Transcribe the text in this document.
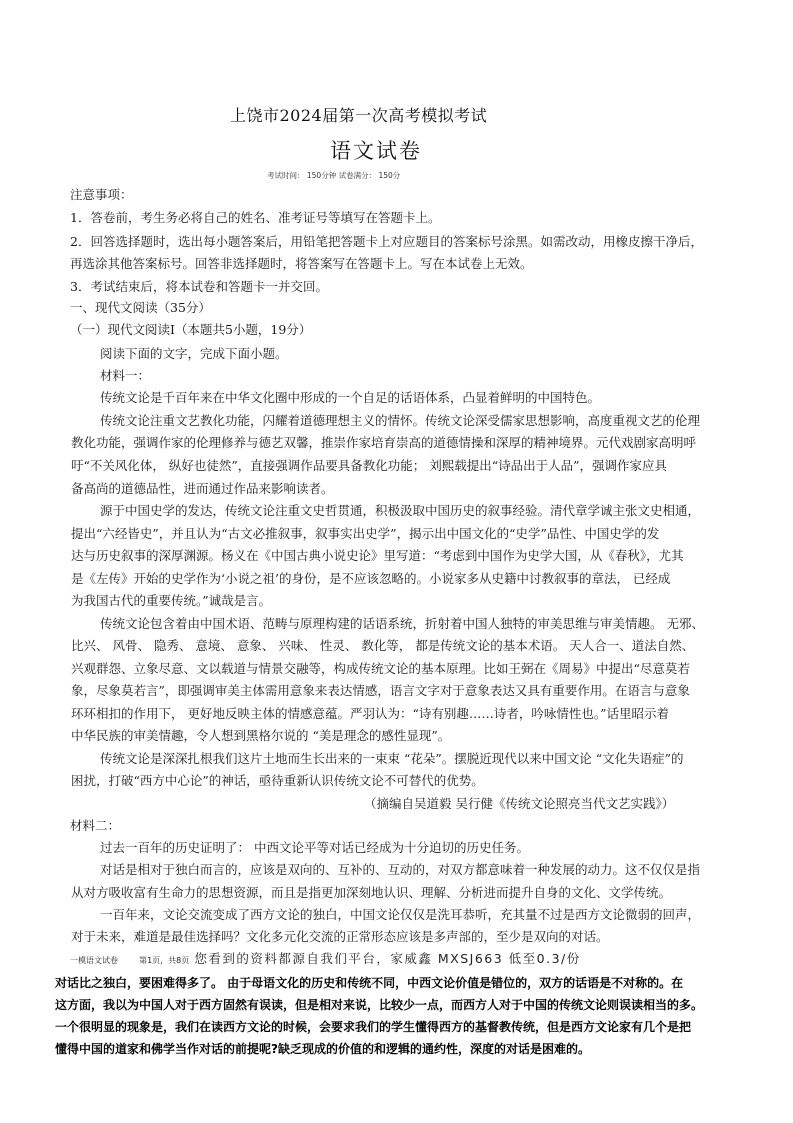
上饶市2024届第一次高考模拟考试
语文试卷
考试时间： 150分钟 试卷满分： 150分
注意事项：
1．答卷前，考生务必将自己的姓名、准考证号等填写在答题卡上。
2．回答选择题时，选出每小题答案后，用铅笔把答题卡上对应题目的答案标号涂黑。如需改动，用橡皮擦干净后，
再选涂其他答案标号。回答非选择题时，将答案写在答题卡上。写在本试卷上无效。
3．考试结束后，将本试卷和答题卡一并交回。
一、现代文阅读（35分）
（一）现代文阅读Ⅰ（本题共5小题，19分）
阅读下面的文字，完成下面小题。
材料一：
传统文论是千百年来在中华文化圈中形成的一个自足的话语体系，凸显着鲜明的中国特色。
传统文论注重文艺教化功能，闪耀着道德理想主义的情怀。传统文论深受儒家思想影响，高度重视文艺的伦理
教化功能，强调作家的伦理修养与德艺双馨，推崇作家培育崇高的道德情操和深厚的精神境界。元代戏剧家高明呼
吁“不关风化体， 纵好也徒然”，直接强调作品要具备教化功能； 刘熙载提出“诗品出于人品”，强调作家应具
备高尚的道德品性，进而通过作品来影响读者。
源于中国史学的发达，传统文论注重文史哲贯通，积极汲取中国历史的叙事经验。清代章学诚主张文史相通，
提出“六经皆史”，并且认为“古文必推叙事，叙事实出史学”，揭示出中国文化的“史学”品性、中国史学的发
达与历史叙事的深厚渊源。杨义在《中国古典小说史论》里写道：“考虑到中国作为史学大国，从《春秋》，尤其
是《左传》开始的史学作为‘小说之祖’的身份，是不应该忽略的。小说家多从史籍中讨教叙事的章法， 已经成
为我国古代的重要传统。”诚哉是言。
传统文论包含着由中国术语、范畴与原理构建的话语系统，折射着中国人独特的审美思维与审美情趣。 无邪、
比兴、 风骨、 隐秀、 意境、 意象、 兴味、 性灵、 教化等， 都是传统文论的基本术语。 天人合一、道法自然、
兴观群怨、立象尽意、文以载道与情景交融等，构成传统文论的基本原理。比如王弼在《周易》中提出“尽意莫若
象，尽象莫若言”，即强调审美主体需用意象来表达情感，语言文字对于意象表达又具有重要作用。在语言与意象
环环相扣的作用下， 更好地反映主体的情感意蕴。严羽认为：“诗有别趣……诗者，吟咏情性也。”话里昭示着
中华民族的审美情趣，令人想到黑格尔说的 “美是理念的感性显现”。
传统文论是深深扎根我们这片土地而生长出来的一束束 “花朵”。摆脱近现代以来中国文论 “文化失语症”的
困扰，打破“西方中心论”的神话，亟待重新认识传统文论不可替代的优势。
（摘编自吴道毅 吴行健《传统文论照亮当代文艺实践》）
材料二：
过去一百年的历史证明了： 中西文论平等对话已经成为十分迫切的历史任务。
对话是相对于独白而言的，应该是双向的、互补的、互动的，对双方都意味着一种发展的动力。这不仅仅是指
从对方吸收富有生命力的思想资源，而且是指更加深刻地认识、理解、分析进而提升自身的文化、文学传统。
一百年来，文论交流变成了西方文论的独白，中国文论仅仅是洗耳恭听，充其量不过是西方文论微弱的回声，
对于未来，难道是最佳选择吗？文化多元化交流的正常形态应该是多声部的，至少是双向的对话。
一模语文试卷	第1页，共8页 您看到的资料都源自我们平台，家威鑫 MXSJ663 低至0.3/份
对话比之独白，要困难得多了。 由于母语文化的历史和传统不同，中西文论价值是错位的，双方的话语是不对称的。在
这方面，我以为中国人对于西方固然有误读，但是相对来说，比较少一点，而西方人对于中国的传统文论则误读相当的多。
一个很明显的现象是，我们在读西方文论的时候，会要求我们的学生懂得西方的基督教传统，但是西方文论家有几个是把
懂得中国的道家和佛学当作对话的前提呢?缺乏现成的价值的和逻辑的通约性，深度的对话是困难的。
